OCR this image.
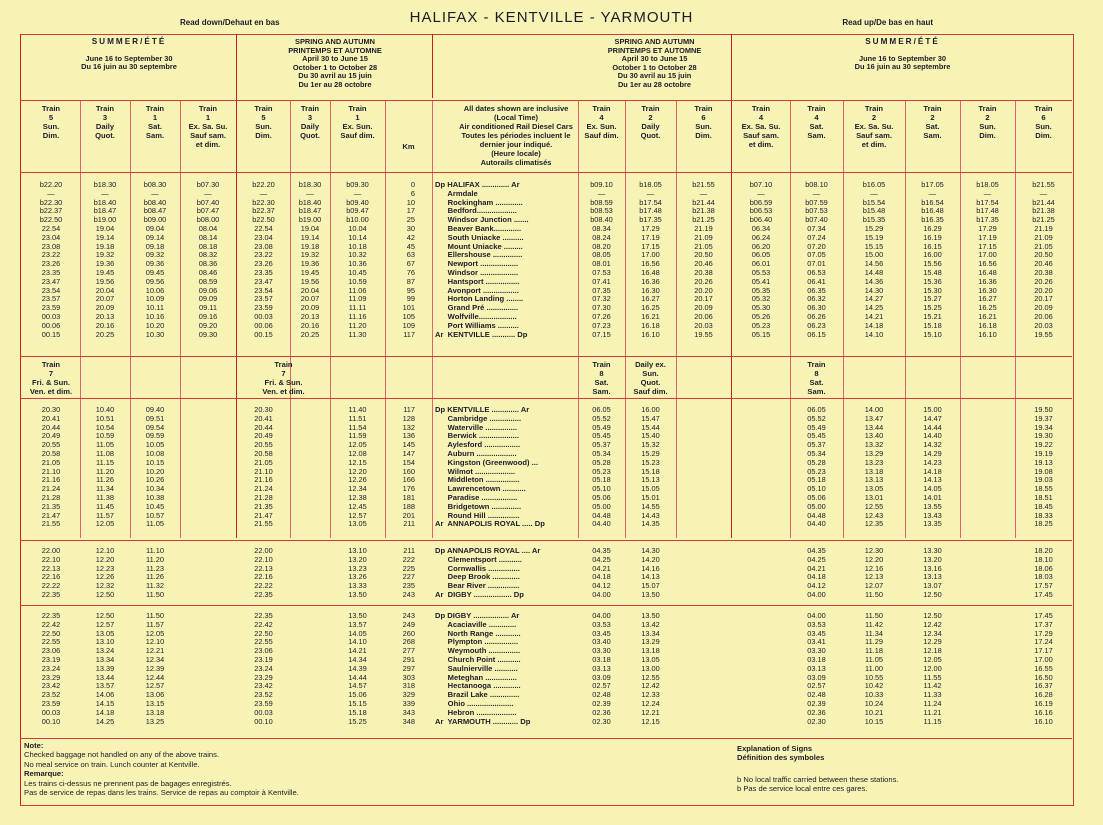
Read down/Dehaut en bas	HALIFAX - KENTVILLE - YARMOUTH	Read up/De bas en haut
SUMMER/ÉTÉ
June 16 to September 30
Du 16 juin au 30 septembre
SPRING AND AUTUMN
PRINTEMPS ET AUTOMNE
April 30 to June 15
October 1 to October 28
Du 30 avril au 15 juin
Du 1er au 28 octobre
SPRING AND AUTUMN
PRINTEMPS ET AUTOMNE
April 30 to June 15
October 1 to October 28
Du 30 avril au 15 juin
Du 1er au 28 octobre
SUMMER/ÉTÉ
June 16 to September 30
Du 16 juin au 30 septembre
Train
5
Sun.
Dim.
Train
3
Daily
Quot.
Train
1
Sat.
Sam.
Train
1
Ex. Sa. Su.
Sauf sam.
et dim.
Train
5
Sun.
Dim.
Train
3
Daily
Quot.
Train
1
Ex. Sun.
Sauf dim.
Km
All dates shown are inclusive
(Local Time)
Air conditioned Rail Diesel Cars
Toutes les périodes incluent le
dernier jour indiqué.
(Heure locale)
Autorails climatisés
Train
4
Ex. Sun.
Sauf dim.
Train
2
Daily
Quot.
Train
6
Sun.
Dim.
Train
4
Ex. Sa. Su.
Sauf sam.
et dim.
Train
4
Sat.
Sam.
Train
2
Ex. Sa. Su.
Sauf sam.
et dim.
Train
2
Sat.
Sam.
Train
2
Sun.
Dim.
Train
6
Sun.
Dim.
b22.20
—
b22.30
b22.37
b22.50
22.54
23.04
23.08
23.22
23.26
23.35
23.47
23.54
23.57
23.59
00.03
00.06
00.15
b18.30
—
b18.40
b18.47
b19.00
19.04
19.14
19.18
19.32
19.36
19.45
19.56
20.04
20.07
20.09
20.13
20.16
20.25
b08.30
—
b08.40
b08.47
b09.00
09.04
09.14
09.18
09.32
09.36
09.45
09.56
10.06
10.09
10.11
10.16
10.20
10.30
b07.30
—
b07.40
b07.47
b08.00
08.04
08.14
08.18
08.32
08.36
08.46
08.59
09.06
09.09
09.11
09.16
09.20
09.30
b22.20
—
b22.30
b22.37
b22.50
22.54
23.04
23.08
23.22
23.26
23.35
23.47
23.54
23.57
23.59
00.03
00.06
00.15
b18.30
—
b18.40
b18.47
b19.00
19.04
19.14
19.18
19.32
19.36
19.45
19.56
20.04
20.07
20.09
20.13
20.16
20.25
b09.30
—
b09.40
b09.47
b10.00
10.04
10.14
10.18
10.32
10.36
10.45
10.59
11.06
11.09
11.11
11.16
11.20
11.30
0
6
10
17
25
30
42
45
63
67
76
87
95
99
101
105
109
117
Dp HALIFAX ............. Ar
Armdale
Rockingham .............
Bedford...................
Windsor Junction .......
Beaver Bank.............
South Uniacke ..........
Mount Uniacke .........
Ellershouse ..............
Newport ..................
Windsor ..................
Hantsport ................
Avonport .................
Horton Landing ........
Grand Pré ...............
Wolfville..................
Port Williams ..........
Ar  KENTVILLE ........... Dp
b09.10
—
b08.59
b08.53
b08.40
08.34
08.24
08.20
08.05
08.01
07.53
07.41
07.35
07.32
07.30
07.26
07.23
07.15
b18.05
—
b17.54
b17.48
b17.35
17.29
17.19
17.15
17.00
16.56
16.48
16.36
16.30
16.27
16.25
16.21
16.18
16.10
b21.55
—
b21.44
b21.38
b21.25
21.19
21.09
21.05
20.50
20.46
20.38
20.26
20.20
20.17
20.09
20.06
20.03
19.55
b07.10
—
b06.59
b06.53
b06.40
06.34
06.24
06.20
06.05
06.01
05.53
05.41
05.35
05.32
05.30
05.26
05.23
05.15
b08.10
—
b07.59
b07.53
b07.40
07.34
07.24
07.20
07.05
07.01
06.53
06.41
06.35
06.32
06.30
06.26
06.23
06.15
b16.05
—
b15.54
b15.48
b15.35
15.29
15.19
15.15
15.00
14.56
14.48
14.36
14.30
14.27
14.25
14.21
14.18
14.10
b17.05
—
b16.54
b16.48
b16.35
16.29
16.19
16.15
16.00
15.56
15.48
15.36
15.30
15.27
15.25
15.21
15.18
15.10
b18.05
—
b17.54
b17.48
b17.35
17.29
17.19
17.15
17.00
16.56
16.48
16.36
16.30
16.27
16.25
16.21
16.18
16.10
b21.55
—
b21.44
b21.38
b21.25
21.19
21.09
21.05
20.50
20.46
20.38
20.26
20.20
20.17
20.09
20.06
20.03
19.55
Train
7
Fri. & Sun.
Ven. et dim.
Train
7
Fri. & Sun.
Ven. et dim.
Train
8
Sat.
Sam.
Daily ex.
Sun.
Quot.
Sauf dim.
Train
8
Sat.
Sam.
20.30
20.41
20.44
20.49
20.55
20.58
21.05
21.10
21.16
21.24
21.28
21.35
21.47
21.55
10.40
10.51
10.54
10.59
11.05
11.08
11.15
11.20
11.26
11.34
11.38
11.45
11.57
12.05
09.40
09.51
09.54
09.59
10.05
10.08
10.15
10.20
10.26
10.34
10.38
10.45
10.57
11.05
20.30
20.41
20.44
20.49
20.55
20.58
21.05
21.10
21.16
21.24
21.28
21.35
21.47
21.55
11.40
11.51
11.54
11.59
12.05
12.08
12.15
12.20
12.26
12.34
12.38
12.45
12.57
13.05
117
128
132
136
145
147
154
160
166
176
181
188
201
211
Dp KENTVILLE ............. Ar
Cambridge ...............
Waterville ...............
Berwick ...................
Aylesford .................
Auburn ...................
Kingston (Greenwood) ...
Wilmot ...................
Middleton ................
Lawrencetown ...........
Paradise .................
Bridgetown ..............
Round Hill ...............
Ar  ANNAPOLIS ROYAL ..... Dp
06.05
05.52
05.49
05.45
05.37
05.34
05.28
05.23
05.18
05.10
05.06
05.00
04.48
04.40
16.00
15.47
15.44
15.40
15.32
15.29
15.23
15.18
15.13
15.05
15.01
14.55
14.43
14.35
06.05
05.52
05.49
05.45
05.37
05.34
05.28
05.23
05.18
05.10
05.06
05.00
04.48
04.40
14.00
13.47
13.44
13.40
13.32
13.29
13.23
13.18
13.13
13.05
13.01
12.55
12.43
12.35
15.00
14.47
14.44
14.40
14.32
14.29
14.23
14.18
14.13
14.05
14.01
13.55
13.43
13.35
19.50
19.37
19.34
19.30
19.22
19.19
19.13
19.08
19.03
18.55
18.51
18.45
18.33
18.25
22.00
22.10
22.13
22.16
22.22
22.35
12.10
12.20
12.23
12.26
12.32
12.50
11.10
11.20
11.23
11.26
11.32
11.50
22.00
22.10
22.13
22.16
22.22
22.35
13.10
13.20
13.23
13.26
13.33
13.50
211
222
225
227
235
243
Dp ANNAPOLIS ROYAL .... Ar
Clementsport ...........
Cornwallis ...............
Deep Brook .............
Bear River ...............
Ar  DIGBY .................. Dp
04.35
04.25
04.21
04.18
04.12
04.00
14.30
14.20
14.16
14.13
15.07
13.50
04.35
04.25
04.21
04.18
04.12
04.00
12.30
12.20
12.16
12.13
12.07
11.50
13.30
13.20
13.16
13.13
13.07
12.50
18.20
18.10
18.06
18.03
17.57
17.45
22.35
22.42
22.50
22.55
23.06
23.19
23.24
23.29
23.42
23.52
23.59
00.03
00.10
12.50
12.57
13.05
13.10
13.24
13.34
13.39
13.44
13.57
14.06
14.15
14.18
14.25
11.50
11.57
12.05
12.10
12.21
12.34
12.39
12.44
12.57
13.06
13.15
13.18
13.25
22.35
22.42
22.50
22.55
23.06
23.19
23.24
23.29
23.42
23.52
23.59
00.03
00.10
13.50
13.57
14.05
14.10
14.21
14.34
14.39
14.44
14.57
15.06
15.15
15.18
15.25
243
249
260
268
277
291
297
303
318
329
339
343
348
Dp DIGBY ................. Ar
Acaciaville .............
North Range ............
Plympton ................
Weymouth ...............
Church Point ...........
Saulnierville ...........
Meteghan ...............
Hectanooga .............
Brazil Lake ..............
Ohio ......................
Hebron ...................
Ar  YARMOUTH ............ Dp
04.00
03.53
03.45
03.40
03.30
03.18
03.13
03.09
02.57
02.48
02.39
02.36
02.30
13.50
13.42
13.34
13.29
13.18
13.05
13.00
12.55
12.42
12.33
12.24
12.21
12.15
04.00
03.53
03.45
03.41
03.30
03.18
03.13
03.09
02.57
02.48
02.39
02.36
02.30
11.50
11.42
11.34
11.29
11.18
11.05
11.00
10.55
10.42
10.33
10.24
10.21
10.15
12.50
12.42
12.34
12.29
12.18
12.05
12.00
11.55
11.42
11.33
11.24
11.21
11.15
17.45
17.37
17.29
17.24
17.17
17.00
16.55
16.50
16.37
16.28
16.19
16.16
16.10
Note:
Checked baggage not handled on any of the above trains.
No meal service on train. Lunch counter at Kentville.
Remarque:
Les trains ci-dessus ne prennent pas de bagages enregistrés.
Pas de service de repas dans les trains. Service de repas au comptoir à Kentville.
Explanation of Signs
Définition des symboles
b No local traffic carried between these stations.
b Pas de service local entre ces gares.
